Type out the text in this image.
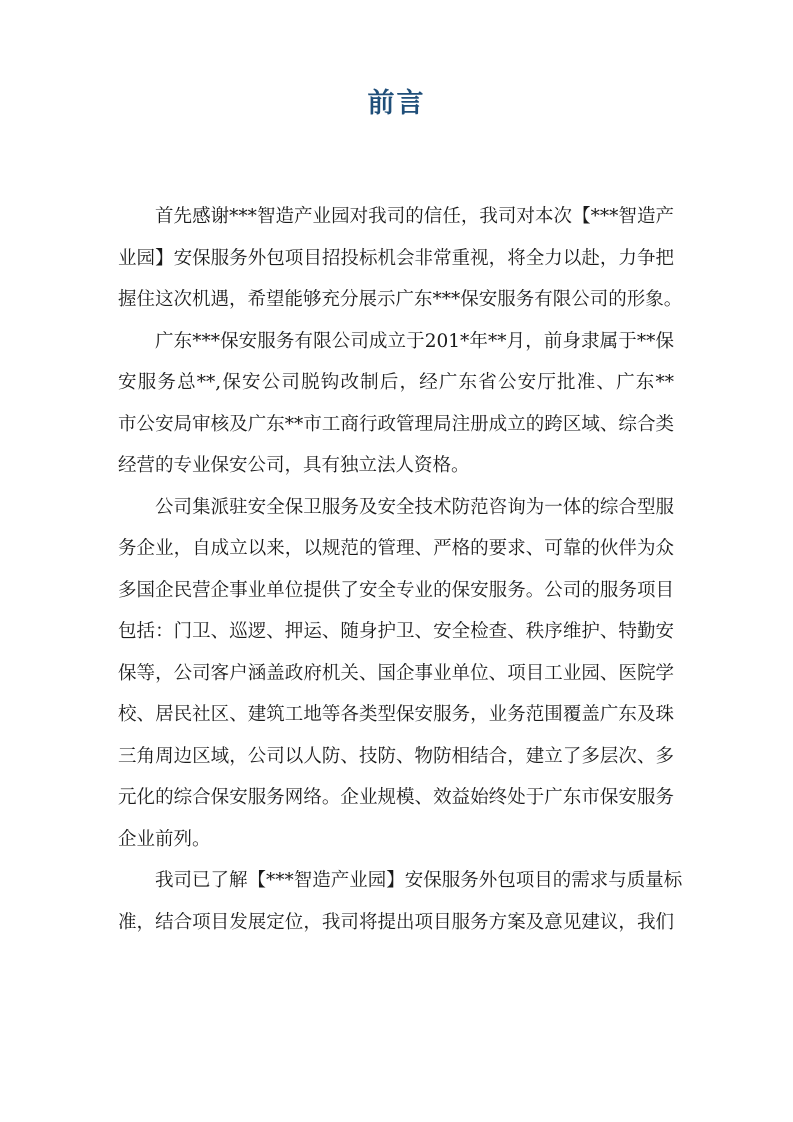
前言
首先感谢***智造产业园对我司的信任，我司对本次【***智造产
业园】安保服务外包项目招投标机会非常重视，将全力以赴，力争把
握住这次机遇，希望能够充分展示广东***保安服务有限公司的形象。
广东***保安服务有限公司成立于201*年**月，前身隶属于**保
安服务总**,保安公司脱钩改制后，经广东省公安厅批准、广东**
市公安局审核及广东**市工商行政管理局注册成立的跨区域、综合类
经营的专业保安公司，具有独立法人资格。
公司集派驻安全保卫服务及安全技术防范咨询为一体的综合型服
务企业，自成立以来，以规范的管理、严格的要求、可靠的伙伴为众
多国企民营企事业单位提供了安全专业的保安服务。公司的服务项目
包括：门卫、巡逻、押运、随身护卫、安全检查、秩序维护、特勤安
保等，公司客户涵盖政府机关、国企事业单位、项目工业园、医院学
校、居民社区、建筑工地等各类型保安服务，业务范围覆盖广东及珠
三角周边区域，公司以人防、技防、物防相结合，建立了多层次、多
元化的综合保安服务网络。企业规模、效益始终处于广东市保安服务
企业前列。
我司已了解【***智造产业园】安保服务外包项目的需求与质量标
准，结合项目发展定位，我司将提出项目服务方案及意见建议，我们
